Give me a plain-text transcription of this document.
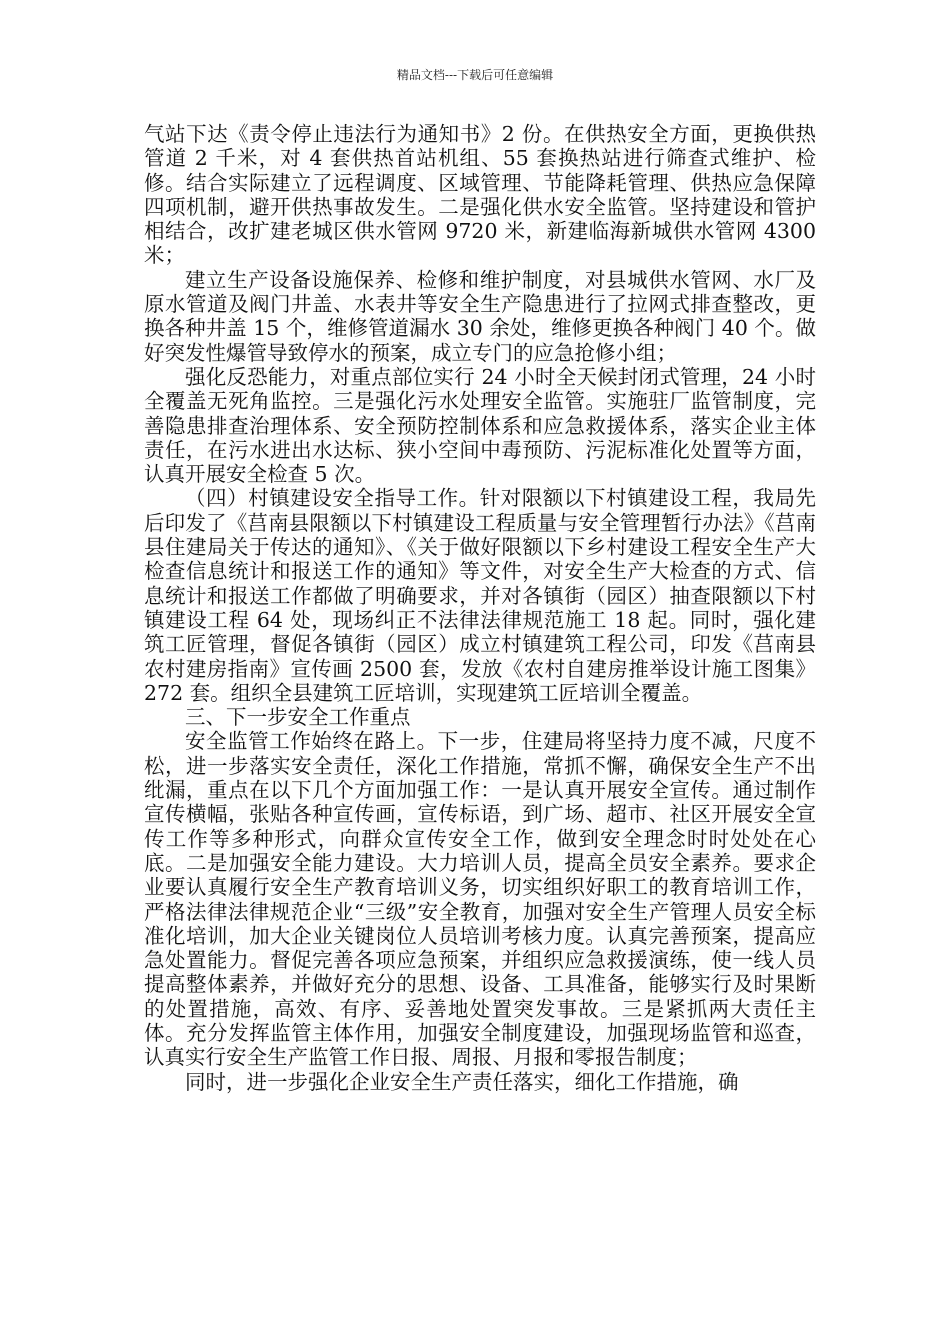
精品文档---下载后可任意编辑

气站下达《责令停止违法行为通知书》2 份。在供热安全方面，更换供热管道 2 千米，对 4 套供热首站机组、55 套换热站进行筛查式维护、检修。结合实际建立了远程调度、区域管理、节能降耗管理、供热应急保障四项机制，避开供热事故发生。二是强化供水安全监管。坚持建设和管护相结合，改扩建老城区供水管网 9720 米，新建临海新城供水管网 4300 米；

建立生产设备设施保养、检修和维护制度，对县城供水管网、水厂及原水管道及阀门井盖、水表井等安全生产隐患进行了拉网式排查整改，更换各种井盖 15 个，维修管道漏水 30 余处，维修更换各种阀门 40 个。做好突发性爆管导致停水的预案，成立专门的应急抢修小组；

强化反恐能力，对重点部位实行 24 小时全天候封闭式管理，24 小时全覆盖无死角监控。三是强化污水处理安全监管。实施驻厂监管制度，完善隐患排查治理体系、安全预防控制体系和应急救援体系，落实企业主体责任，在污水进出水达标、狭小空间中毒预防、污泥标准化处置等方面，认真开展安全检查 5 次。

（四）村镇建设安全指导工作。针对限额以下村镇建设工程，我局先后印发了《莒南县限额以下村镇建设工程质量与安全管理暂行办法》《莒南县住建局关于传达的通知》、《关于做好限额以下乡村建设工程安全生产大检查信息统计和报送工作的通知》等文件，对安全生产大检查的方式、信息统计和报送工作都做了明确要求，并对各镇街（园区）抽查限额以下村镇建设工程 64 处，现场纠正不法律法律规范施工 18 起。同时，强化建筑工匠管理，督促各镇街（园区）成立村镇建筑工程公司，印发《莒南县农村建房指南》宣传画 2500 套，发放《农村自建房推举设计施工图集》272 套。组织全县建筑工匠培训，实现建筑工匠培训全覆盖。

三、下一步安全工作重点

安全监管工作始终在路上。下一步，住建局将坚持力度不减，尺度不松，进一步落实安全责任，深化工作措施，常抓不懈，确保安全生产不出纰漏，重点在以下几个方面加强工作：一是认真开展安全宣传。通过制作宣传横幅，张贴各种宣传画，宣传标语，到广场、超市、社区开展安全宣传工作等多种形式，向群众宣传安全工作，做到安全理念时时处处在心底。二是加强安全能力建设。大力培训人员，提高全员安全素养。要求企业要认真履行安全生产教育培训义务，切实组织好职工的教育培训工作，严格法律法律规范企业“三级”安全教育，加强对安全生产管理人员安全标准化培训，加大企业关键岗位人员培训考核力度。认真完善预案，提高应急处置能力。督促完善各项应急预案，并组织应急救援演练，使一线人员提高整体素养，并做好充分的思想、设备、工具准备，能够实行及时果断的处置措施，高效、有序、妥善地处置突发事故。三是紧抓两大责任主体。充分发挥监管主体作用，加强安全制度建设，加强现场监管和巡查，认真实行安全生产监管工作日报、周报、月报和零报告制度；

同时，进一步强化企业安全生产责任落实，细化工作措施，确
